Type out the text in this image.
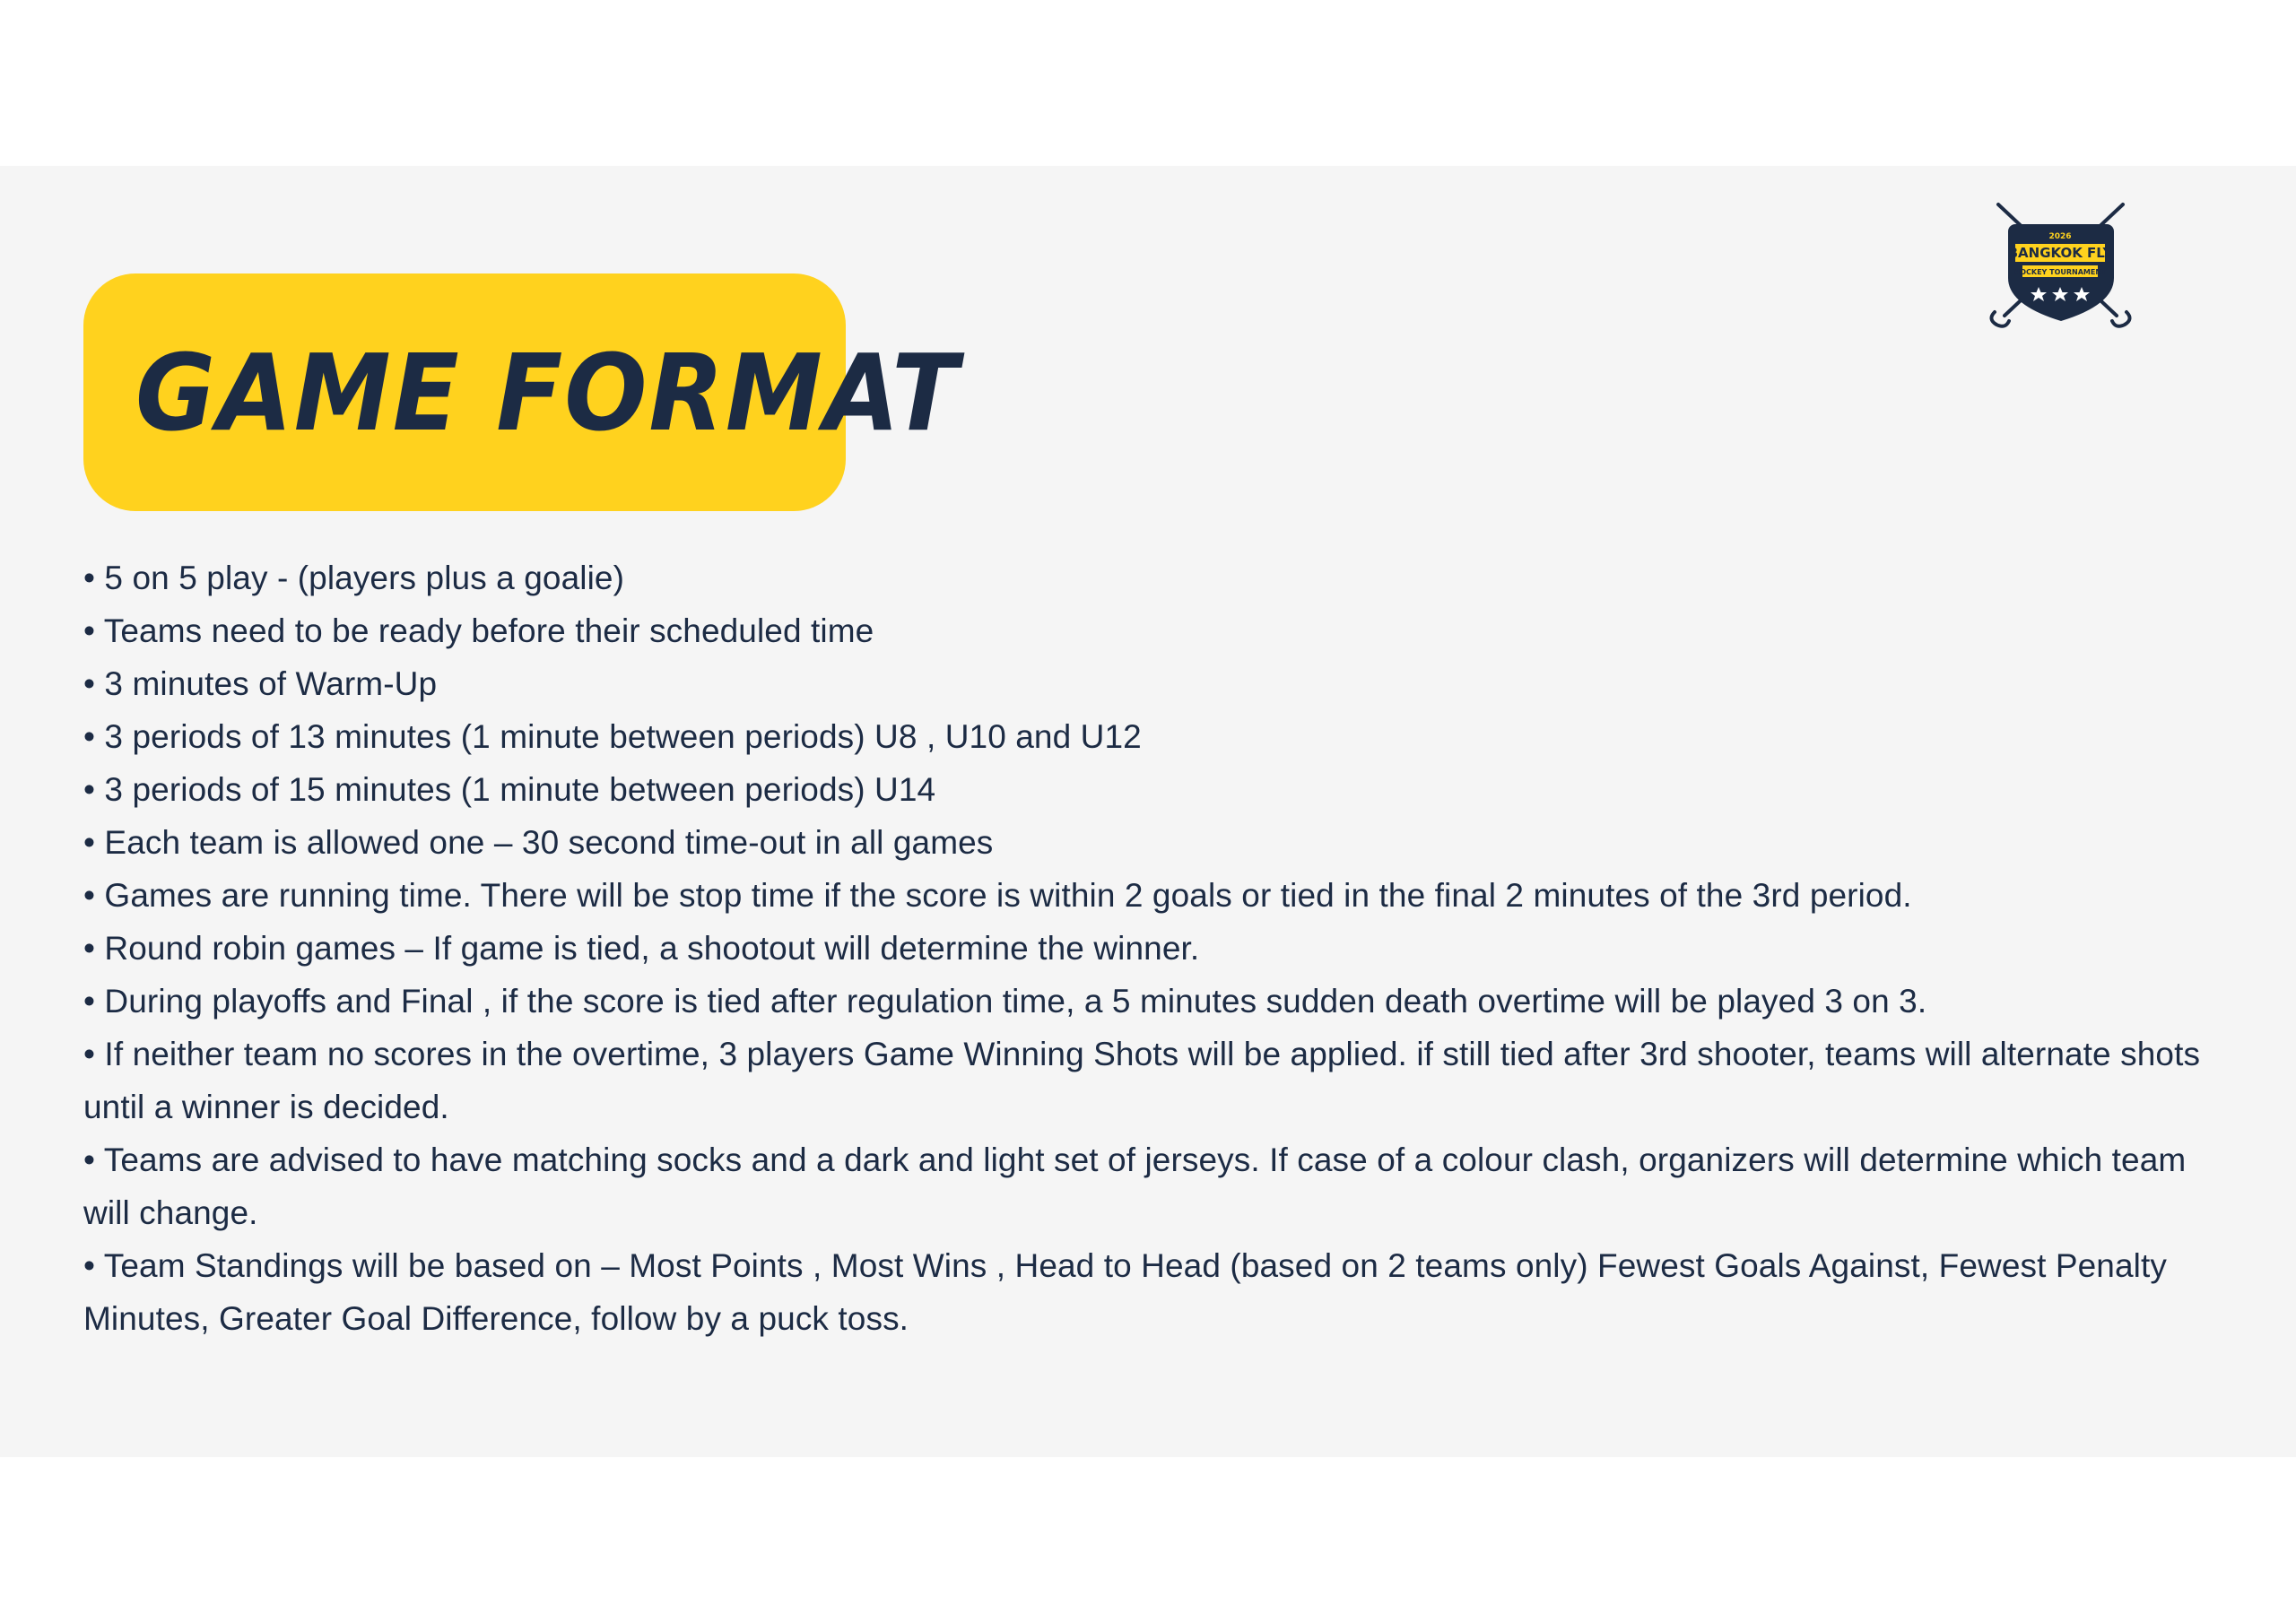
2026
BANGKOK FLY
HOCKEY TOURNAMENT
GAME FORMAT
• 5 on 5 play - (players plus a goalie)
• Teams need to be ready before their scheduled time
• 3 minutes of Warm-Up
• 3 periods of 13 minutes (1 minute between periods) U8 , U10 and U12
• 3 periods of 15 minutes (1 minute between periods) U14
• Each team is allowed one – 30 second time-out in all games
• Games are running time. There will be stop time if the score is within 2 goals or tied in the final 2 minutes of the 3rd period.
• Round robin games – If game is tied, a shootout will determine the winner.
• During playoffs and Final , if the score is tied after regulation time, a 5 minutes sudden death overtime will be played 3 on 3.
• If neither team no scores in the overtime, 3 players Game Winning Shots will be applied. if still tied after 3rd shooter, teams will alternate shots until a winner is decided.
• Teams are advised to have matching socks and a dark and light set of jerseys. If case of a colour clash, organizers will determine which team will change.
• Team Standings will be based on – Most Points , Most Wins , Head to Head (based on 2 teams only) Fewest Goals Against, Fewest Penalty Minutes, Greater Goal Difference, follow by a puck toss.
